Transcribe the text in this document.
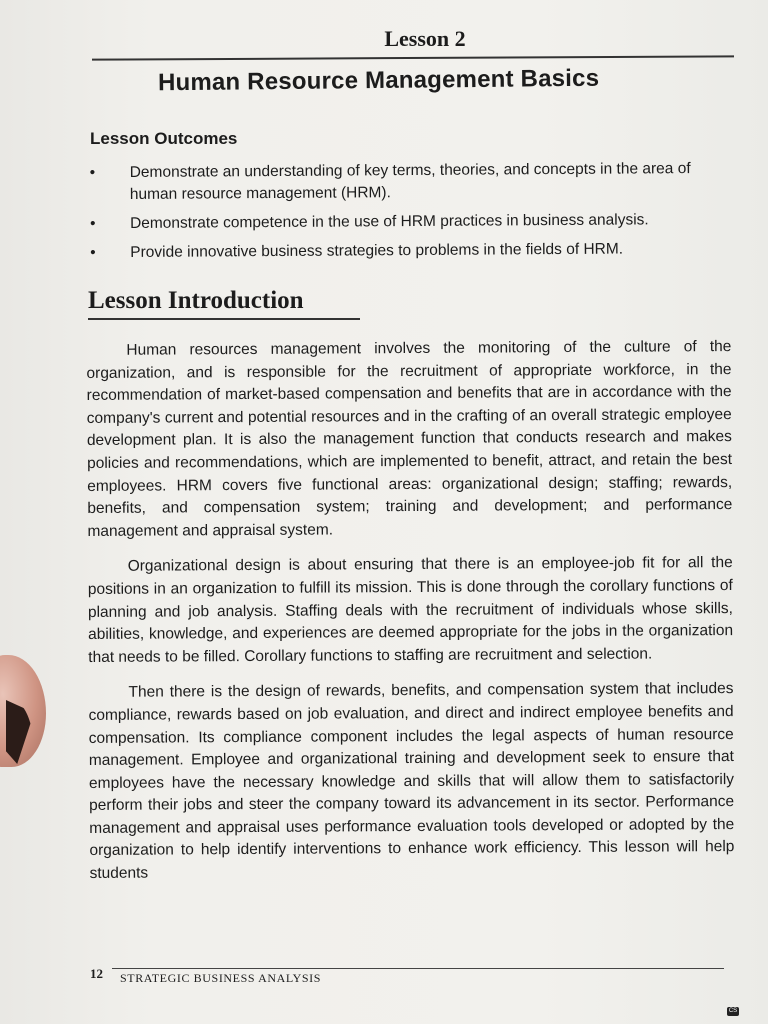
Lesson 2
Human Resource Management Basics
Lesson Outcomes
• Demonstrate an understanding of key terms, theories, and concepts in the area of human resource management (HRM).
• Demonstrate competence in the use of HRM practices in business analysis.
• Provide innovative business strategies to problems in the fields of HRM.
Lesson Introduction

Human resources management involves the monitoring of the culture of the organization, and is responsible for the recruitment of appropriate workforce, in the recommendation of market-based compensation and benefits that are in accordance with the company's current and potential resources and in the crafting of an overall strategic employee development plan. It is also the management function that conducts research and makes policies and recommendations, which are implemented to benefit, attract, and retain the best employees. HRM covers five functional areas: organizational design; staffing; rewards, benefits, and compensation system; training and development; and performance management and appraisal system.

Organizational design is about ensuring that there is an employee-job fit for all the positions in an organization to fulfill its mission. This is done through the corollary functions of planning and job analysis. Staffing deals with the recruitment of individuals whose skills, abilities, knowledge, and experiences are deemed appropriate for the jobs in the organization that needs to be filled. Corollary functions to staffing are recruitment and selection.

Then there is the design of rewards, benefits, and compensation system that includes compliance, rewards based on job evaluation, and direct and indirect employee benefits and compensation. Its compliance component includes the legal aspects of human resource management. Employee and organizational training and development seek to ensure that employees have the necessary knowledge and skills that will allow them to satisfactorily perform their jobs and steer the company toward its advancement in its sector. Performance management and appraisal uses performance evaluation tools developed or adopted by the organization to help identify interventions to enhance work efficiency. This lesson will help students

12 STRATEGIC BUSINESS ANALYSIS
CS
